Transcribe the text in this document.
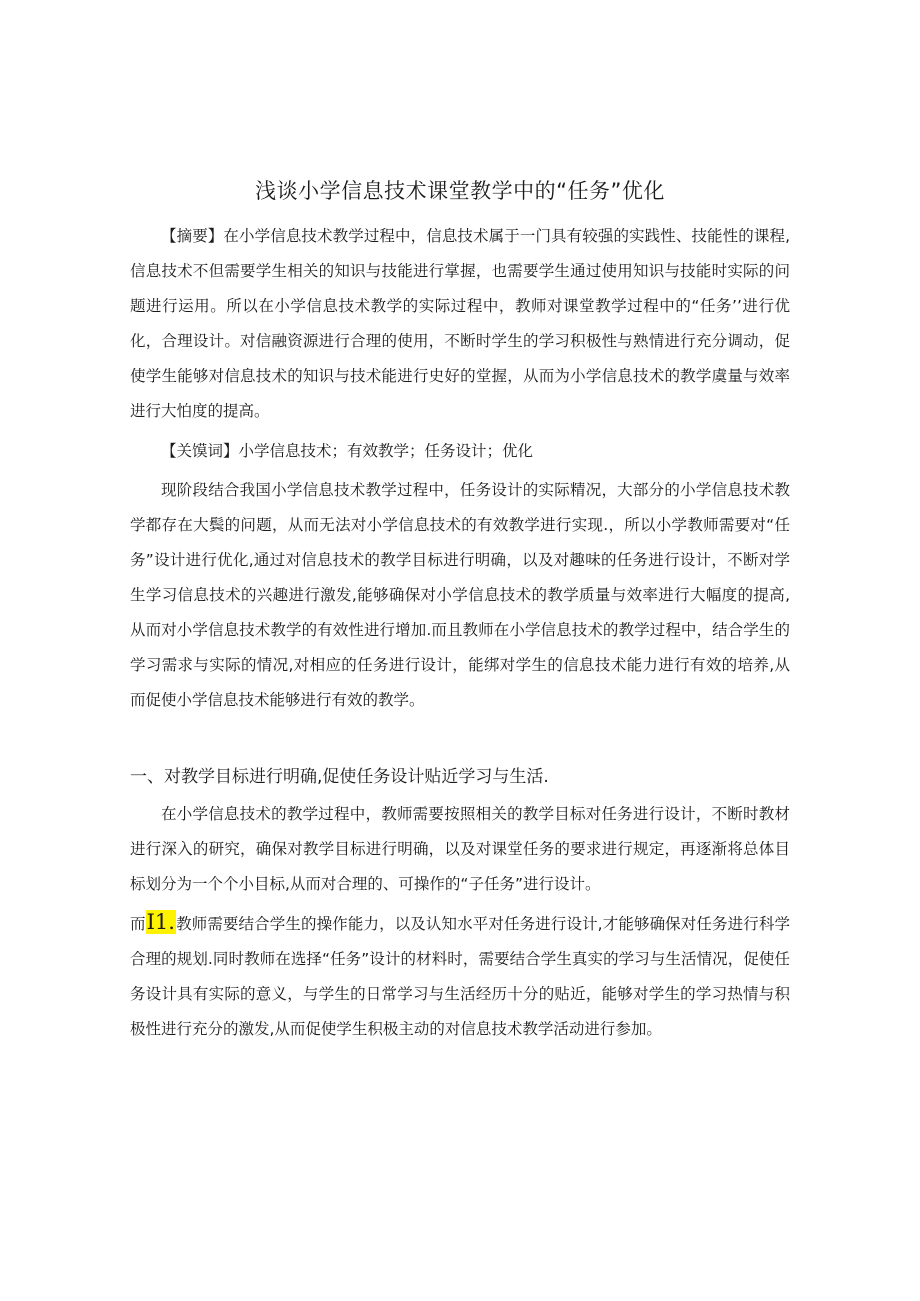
浅谈小学信息技术课堂教学中的“任务”优化

【摘要】在小学信息技术教学过程中，信息技术属于一门具有较强的实践性、技能性的课程,信息技术不但需要学生相关的知识与技能进行掌握，也需要学生通过使用知识与技能时实际的问题进行运用。所以在小学信息技术教学的实际过程中，教师对课堂教学过程中的“任务’’进行优化，合理设计。对信融资源进行合理的使用，不断时学生的学习积极性与熟情进行充分调动，促使学生能够对信息技术的知识与技术能进行史好的堂握，从而为小学信息技术的教学虞量与效率进行大怕度的提高。

【关馍词】小学信息技术；有效教学；任务设计；优化

现阶段结合我国小学信息技术教学过程中，任务设计的实际精况，大部分的小学信息技术教学都存在大鬓的问题，从而无法对小学信息技术的有效教学进行实现.，所以小学教师需要对“任务”设计进行优化,通过对信息技术的教学目标进行明确，以及对趣味的任务进行设计，不断对学生学习信息技术的兴趣进行激发,能够确保对小学信息技术的教学质量与效率进行大幅度的提高,从而对小学信息技术教学的有效性进行增加.而且教师在小学信息技术的教学过程中，结合学生的学习需求与实际的情况,对相应的任务进行设计，能绑对学生的信息技术能力进行有效的培养,从而促使小学信息技术能够进行有效的教学。

一、对教学目标进行明确,促使任务设计贴近学习与生活.

在小学信息技术的教学过程中，教师需要按照相关的教学目标对任务进行设计，不断时教材进行深入的研究，确保对教学目标进行明确，以及对课堂任务的要求进行规定，再逐渐将总体目标划分为一个个小目标,从而对合理的、可操作的“子任务”进行设计。

而I1.教师需要结合学生的操作能力，以及认知水平对任务进行设计,才能够确保对任务进行科学合理的规划.同时教师在选择“任务”设计的材料时，需要结合学生真实的学习与生活情况，促使任务设计具有实际的意义，与学生的日常学习与生活经历十分的贴近，能够对学生的学习热情与积极性进行充分的激发,从而促使学生积极主动的对信息技术教学活动进行参加。
